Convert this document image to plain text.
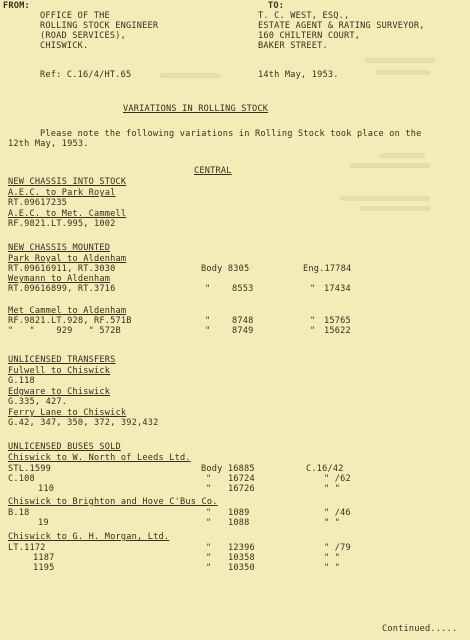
FROM:	TO:
OFFICE OF THE
ROLLING STOCK ENGINEER
(ROAD SERVICES),
CHISWICK.
T. C. WEST, ESQ.,
ESTATE AGENT & RATING SURVEYOR,
160 CHILTERN COURT,
BAKER STREET.
Ref: C.16/4/HT.65	14th May, 1953.
VARIATIONS IN ROLLING STOCK
Please note the following variations in Rolling Stock took place on the
12th May, 1953.
CENTRAL
NEW CHASSIS INTO STOCK
A.E.C. to Park Royal
RT.09617235
A.E.C. to Met. Cammell
RF.9821.LT.995, 1002
NEW CHASSIS MOUNTED
Park Royal to Aldenham
RT.09616911, RT.3030	Body 8305	Eng.17784
Weymann to Aldenham
RT.09616899, RT.3716	"	8553	" 17434
Met Cammel to Aldenham
RF.9821.LT.928, RF.571B	"	8748	" 15765
"   "    929   " 572B	"	8749	" 15622
UNLICENSED TRANSFERS
Fulwell to Chiswick
G.118
Edgware to Chiswick
G.335, 427.
Ferry Lane to Chiswick
G.42, 347, 350, 372, 392,432
UNLICENSED BUSES SOLD
Chiswick to W. North of Leeds Ltd.
STL.1599	Body 16885	C.16/42
C.108	" 16724	" /62
110	" 16726	" "
Chiswick to Brighton and Hove C'Bus Co.
B.18	" 1089	" /46
19	" 1088	" "
Chiswick to G. H. Morgan, Ltd.
LT.1172	" 12396	" /79
1187	" 10358	" "
1195	" 10350	" "
Continued.....
